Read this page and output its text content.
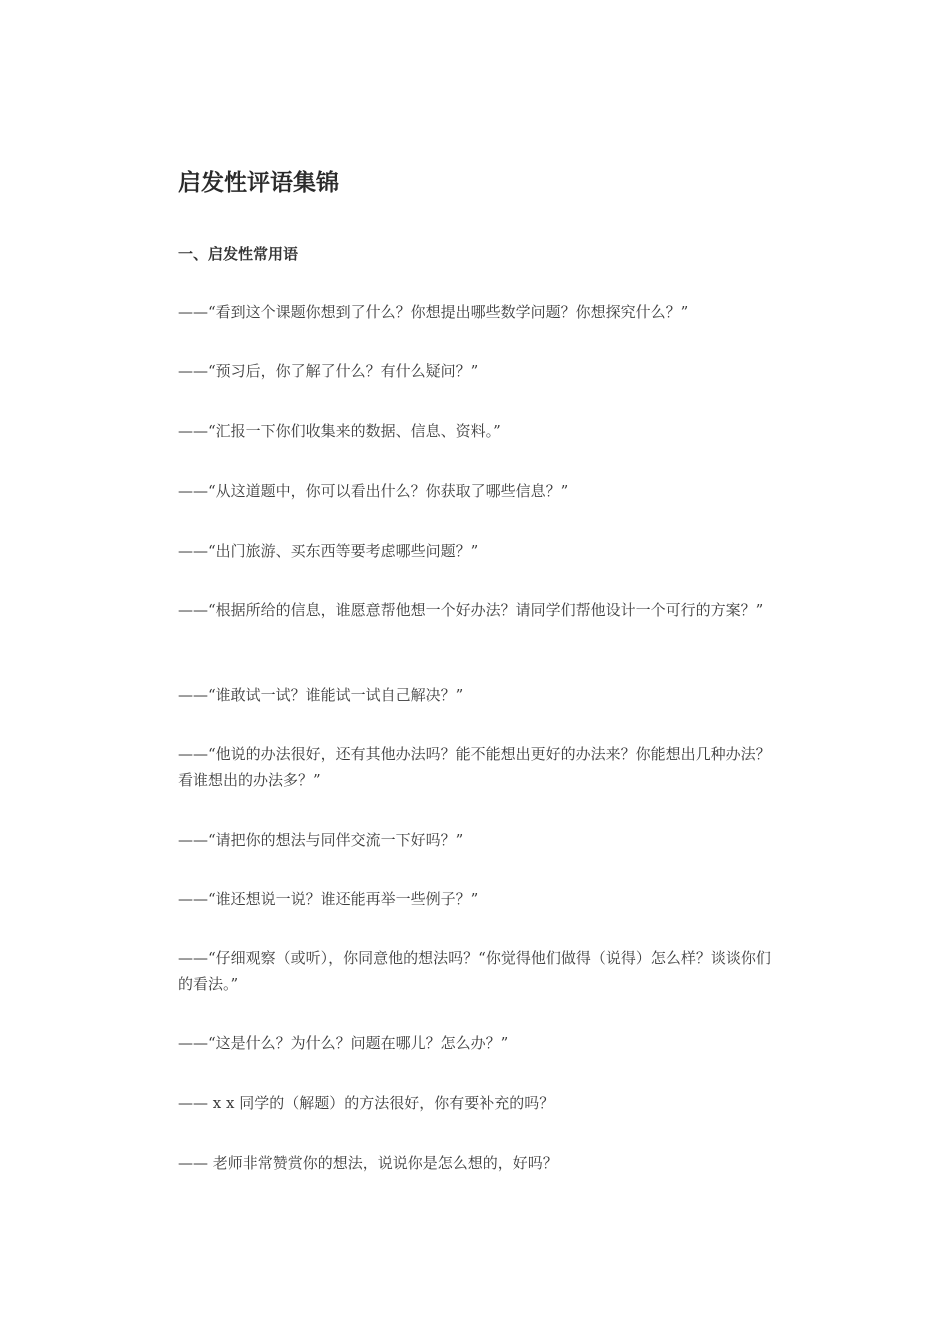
启发性评语集锦
一、启发性常用语

——“看到这个课题你想到了什么？你想提出哪些数学问题？你想探究什么？”

——“预习后，你了解了什么？有什么疑问？”

——“汇报一下你们收集来的数据、信息、资料。”

——“从这道题中，你可以看出什么？你获取了哪些信息？”

——“出门旅游、买东西等要考虑哪些问题？”

——“根据所给的信息，谁愿意帮他想一个好办法？请同学们帮他设计一个可行的方案？”

——“谁敢试一试？谁能试一试自己解决？”

——“他说的办法很好，还有其他办法吗？能不能想出更好的办法来？你能想出几种办法？看谁想出的办法多？”

——“请把你的想法与同伴交流一下好吗？”

——“谁还想说一说？谁还能再举一些例子？”

——“仔细观察（或听），你同意他的想法吗？“你觉得他们做得（说得）怎么样？谈谈你们的看法。”

——“这是什么？为什么？问题在哪儿？怎么办？”

—— x x 同学的（解题）的方法很好，你有要补充的吗？

—— 老师非常赞赏你的想法，说说你是怎么想的，好吗？
